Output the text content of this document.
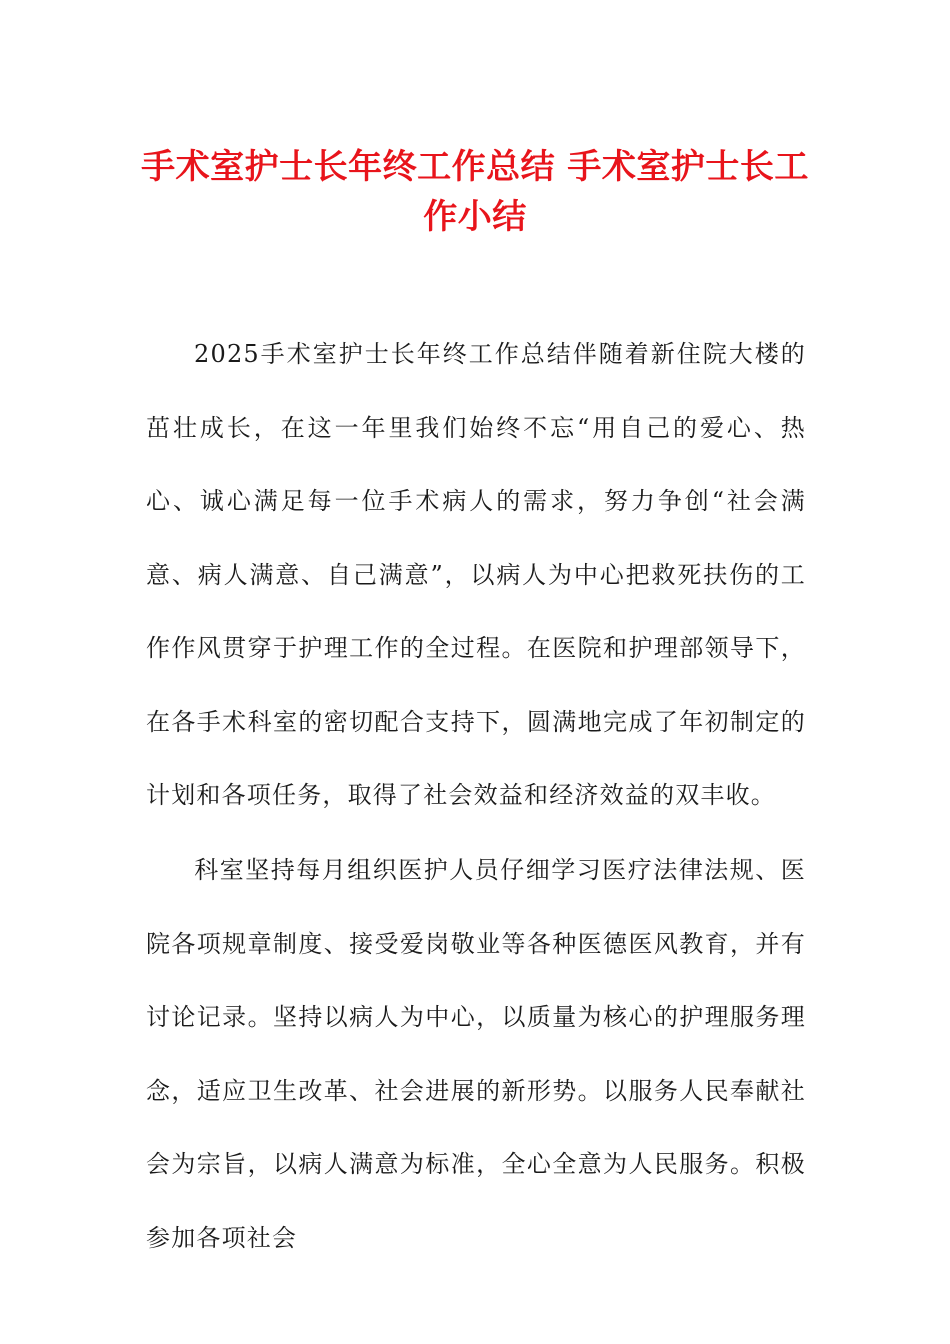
手术室护士长年终工作总结 手术室护士长工作小结

2025手术室护士长年终工作总结伴随着新住院大楼的茁壮成长，在这一年里我们始终不忘“用自己的爱心、热心、诚心满足每一位手术病人的需求，努力争创“社会满意、病人满意、自己满意”，以病人为中心把救死扶伤的工作作风贯穿于护理工作的全过程。在医院和护理部领导下，在各手术科室的密切配合支持下，圆满地完成了年初制定的计划和各项任务，取得了社会效益和经济效益的双丰收。

科室坚持每月组织医护人员仔细学习医疗法律法规、医院各项规章制度、接受爱岗敬业等各种医德医风教育，并有讨论记录。坚持以病人为中心，以质量为核心的护理服务理念，适应卫生改革、社会进展的新形势。以服务人民奉献社会为宗旨，以病人满意为标准，全心全意为人民服务。积极参加各项社会
